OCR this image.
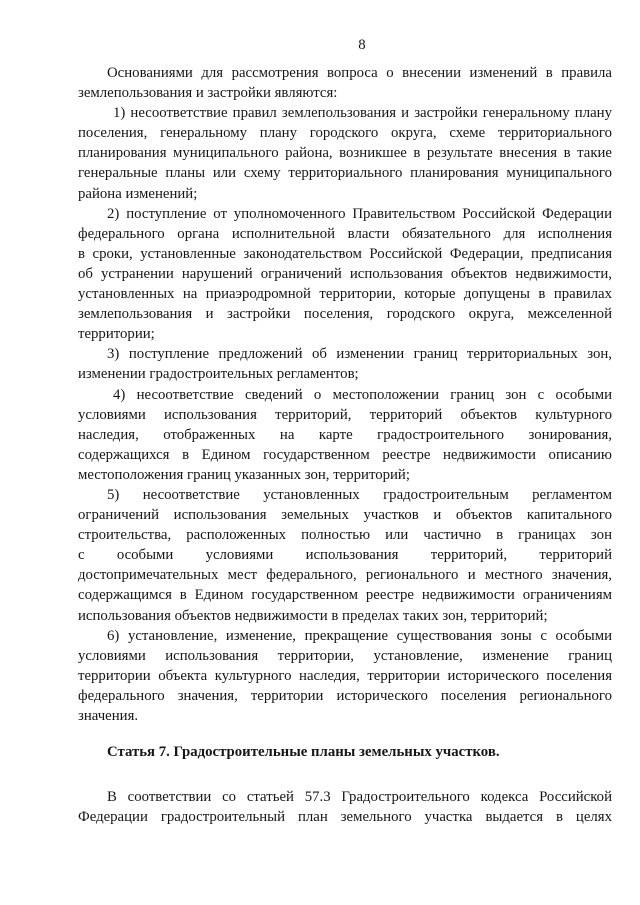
8
Основаниями для рассмотрения вопроса о внесении изменений в правила
землепользования и застройки являются:
1) несоответствие правил землепользования и застройки генеральному плану
поселения, генеральному плану городского округа, схеме территориального
планирования муниципального района, возникшее в результате внесения в такие
генеральные планы или схему территориального планирования муниципального
района изменений;
2) поступление от уполномоченного Правительством Российской Федерации
федерального органа исполнительной власти обязательного для исполнения
в сроки, установленные законодательством Российской Федерации, предписания
об устранении нарушений ограничений использования объектов недвижимости,
установленных на приаэродромной территории, которые допущены в правилах
землепользования и застройки поселения, городского округа, межселенной
территории;
3) поступление предложений об изменении границ территориальных зон,
изменении градостроительных регламентов;
4) несоответствие сведений о местоположении границ зон с особыми
условиями использования территорий, территорий объектов культурного
наследия, отображенных на карте градостроительного зонирования,
содержащихся в Едином государственном реестре недвижимости описанию
местоположения границ указанных зон, территорий;
5) несоответствие установленных градостроительным регламентом
ограничений использования земельных участков и объектов капитального
строительства, расположенных полностью или частично в границах зон
с особыми условиями использования территорий, территорий
достопримечательных мест федерального, регионального и местного значения,
содержащимся в Едином государственном реестре недвижимости ограничениям
использования объектов недвижимости в пределах таких зон, территорий;
6) установление, изменение, прекращение существования зоны с особыми
условиями использования территории, установление, изменение границ
территории объекта культурного наследия, территории исторического поселения
федерального значения, территории исторического поселения регионального
значения.
Статья 7. Градостроительные планы земельных участков.
В соответствии со статьей 57.3 Градостроительного кодекса Российской
Федерации градостроительный план земельного участка выдается в целях
